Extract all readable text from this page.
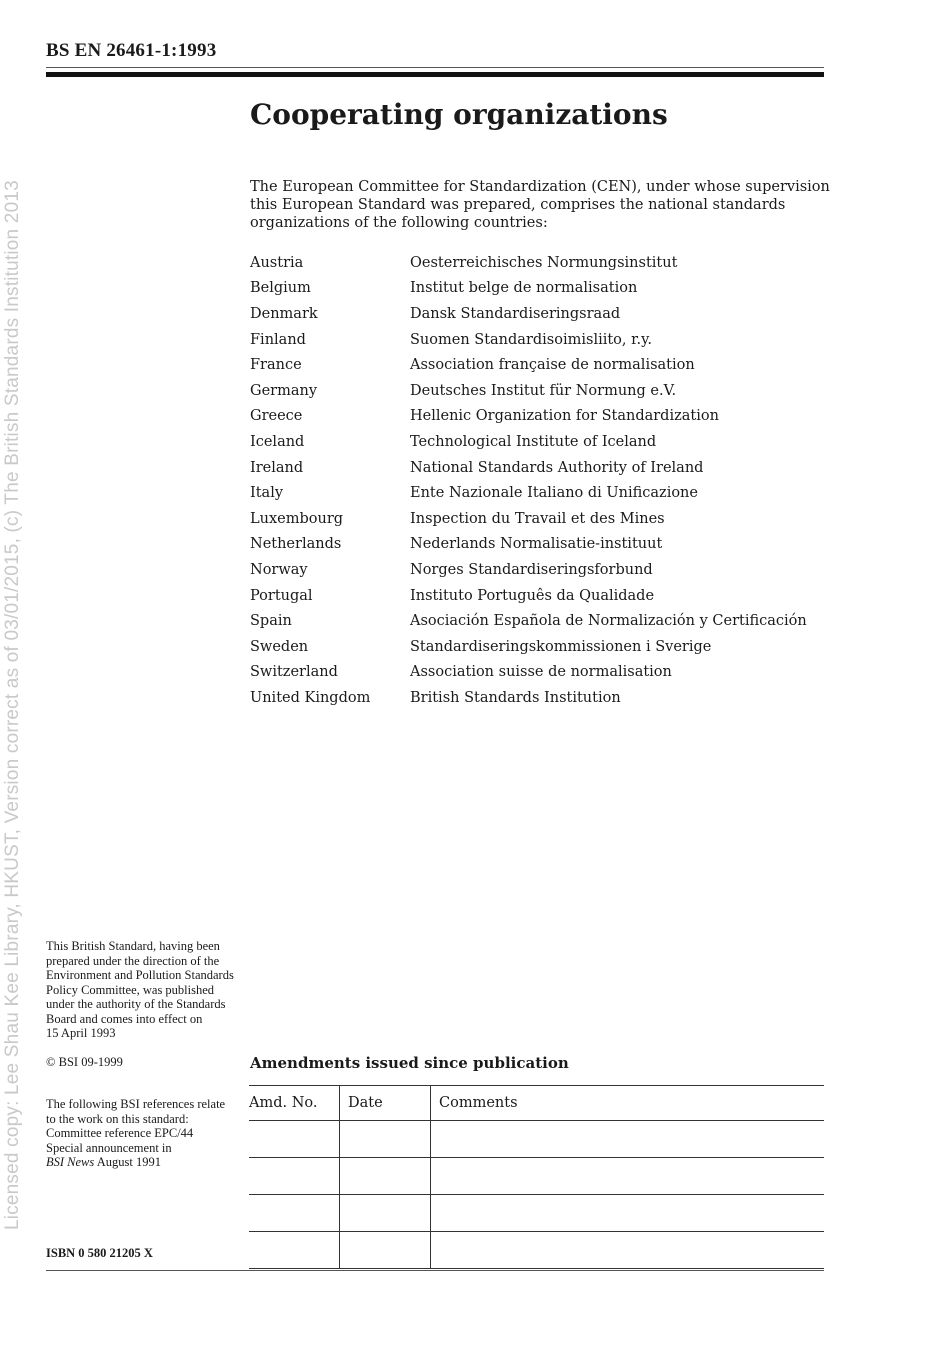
BS EN 26461-1:1993
Licensed copy: Lee Shau Kee Library, HKUST, Version correct as of 03/01/2015, (c) The British Standards Institution 2013
Cooperating organizations

The European Committee for Standardization (CEN), under whose supervision this European Standard was prepared, comprises the national standards organizations of the following countries:

Austria	Oesterreichisches Normungsinstitut
Belgium	Institut belge de normalisation
Denmark	Dansk Standardiseringsraad
Finland	Suomen Standardisoimisliito, r.y.
France	Association française de normalisation
Germany	Deutsches Institut für Normung e.V.
Greece	Hellenic Organization for Standardization
Iceland	Technological Institute of Iceland
Ireland	National Standards Authority of Ireland
Italy	Ente Nazionale Italiano di Unificazione
Luxembourg	Inspection du Travail et des Mines
Netherlands	Nederlands Normalisatie-instituut
Norway	Norges Standardiseringsforbund
Portugal	Instituto Português da Qualidade
Spain	Asociación Española de Normalización y Certificación
Sweden	Standardiseringskommissionen i Sverige
Switzerland	Association suisse de normalisation
United Kingdom	British Standards Institution

This British Standard, having been prepared under the direction of the Environment and Pollution Standards Policy Committee, was published under the authority of the Standards Board and comes into effect on

15 April 1993

© BSI 09-1999

The following BSI references relate to the work on this standard:

Committee reference EPC/44

Special announcement in

BSI News August 1991

ISBN 0 580 21205 X
Amendments issued since publication
Amd. No.	Date	Comments
